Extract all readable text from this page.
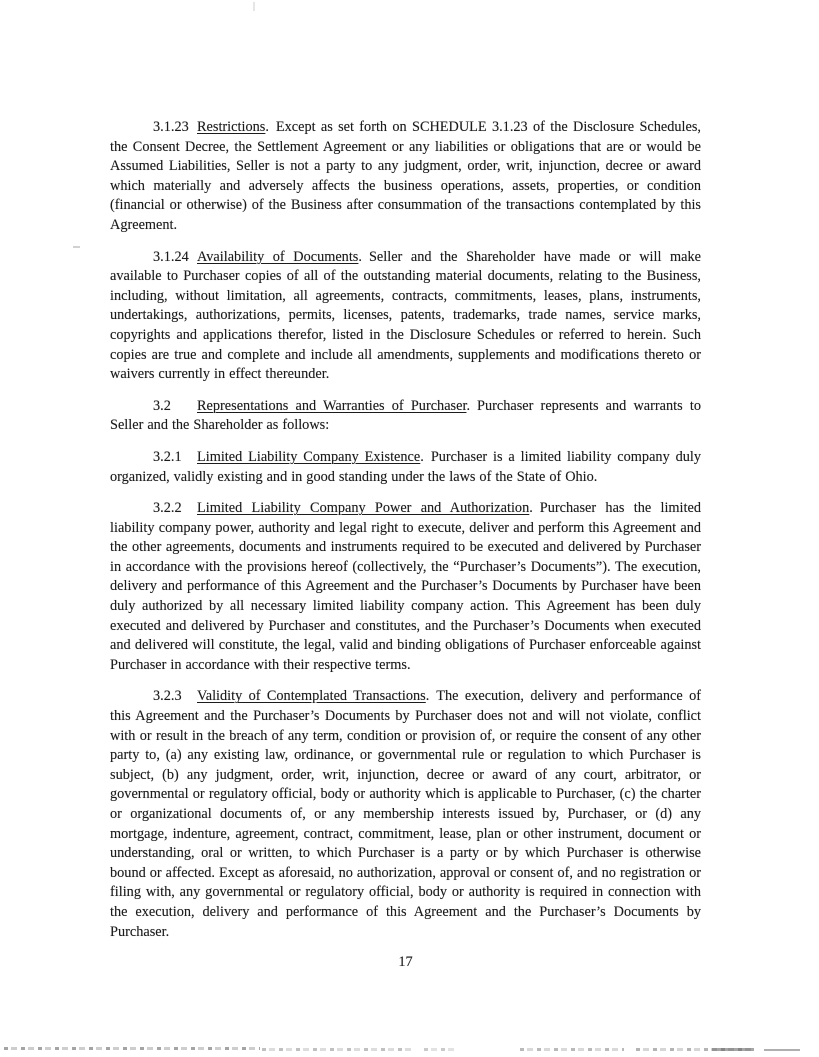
3.1.23 Restrictions. Except as set forth on SCHEDULE 3.1.23 of the Disclosure Schedules, the Consent Decree, the Settlement Agreement or any liabilities or obligations that are or would be Assumed Liabilities, Seller is not a party to any judgment, order, writ, injunction, decree or award which materially and adversely affects the business operations, assets, properties, or condition (financial or otherwise) of the Business after consummation of the transactions contemplated by this Agreement.

3.1.24 Availability of Documents. Seller and the Shareholder have made or will make available to Purchaser copies of all of the outstanding material documents, relating to the Business, including, without limitation, all agreements, contracts, commitments, leases, plans, instruments, undertakings, authorizations, permits, licenses, patents, trademarks, trade names, service marks, copyrights and applications therefor, listed in the Disclosure Schedules or referred to herein. Such copies are true and complete and include all amendments, supplements and modifications thereto or waivers currently in effect thereunder.

3.2 Representations and Warranties of Purchaser. Purchaser represents and warrants to Seller and the Shareholder as follows:

3.2.1 Limited Liability Company Existence. Purchaser is a limited liability company duly organized, validly existing and in good standing under the laws of the State of Ohio.

3.2.2 Limited Liability Company Power and Authorization. Purchaser has the limited liability company power, authority and legal right to execute, deliver and perform this Agreement and the other agreements, documents and instruments required to be executed and delivered by Purchaser in accordance with the provisions hereof (collectively, the “Purchaser’s Documents”). The execution, delivery and performance of this Agreement and the Purchaser’s Documents by Purchaser have been duly authorized by all necessary limited liability company action. This Agreement has been duly executed and delivered by Purchaser and constitutes, and the Purchaser’s Documents when executed and delivered will constitute, the legal, valid and binding obligations of Purchaser enforceable against Purchaser in accordance with their respective terms.

3.2.3 Validity of Contemplated Transactions. The execution, delivery and performance of this Agreement and the Purchaser’s Documents by Purchaser does not and will not violate, conflict with or result in the breach of any term, condition or provision of, or require the consent of any other party to, (a) any existing law, ordinance, or governmental rule or regulation to which Purchaser is subject, (b) any judgment, order, writ, injunction, decree or award of any court, arbitrator, or governmental or regulatory official, body or authority which is applicable to Purchaser, (c) the charter or organizational documents of, or any membership interests issued by, Purchaser, or (d) any mortgage, indenture, agreement, contract, commitment, lease, plan or other instrument, document or understanding, oral or written, to which Purchaser is a party or by which Purchaser is otherwise bound or affected. Except as aforesaid, no authorization, approval or consent of, and no registration or filing with, any governmental or regulatory official, body or authority is required in connection with the execution, delivery and performance of this Agreement and the Purchaser’s Documents by Purchaser.

17
